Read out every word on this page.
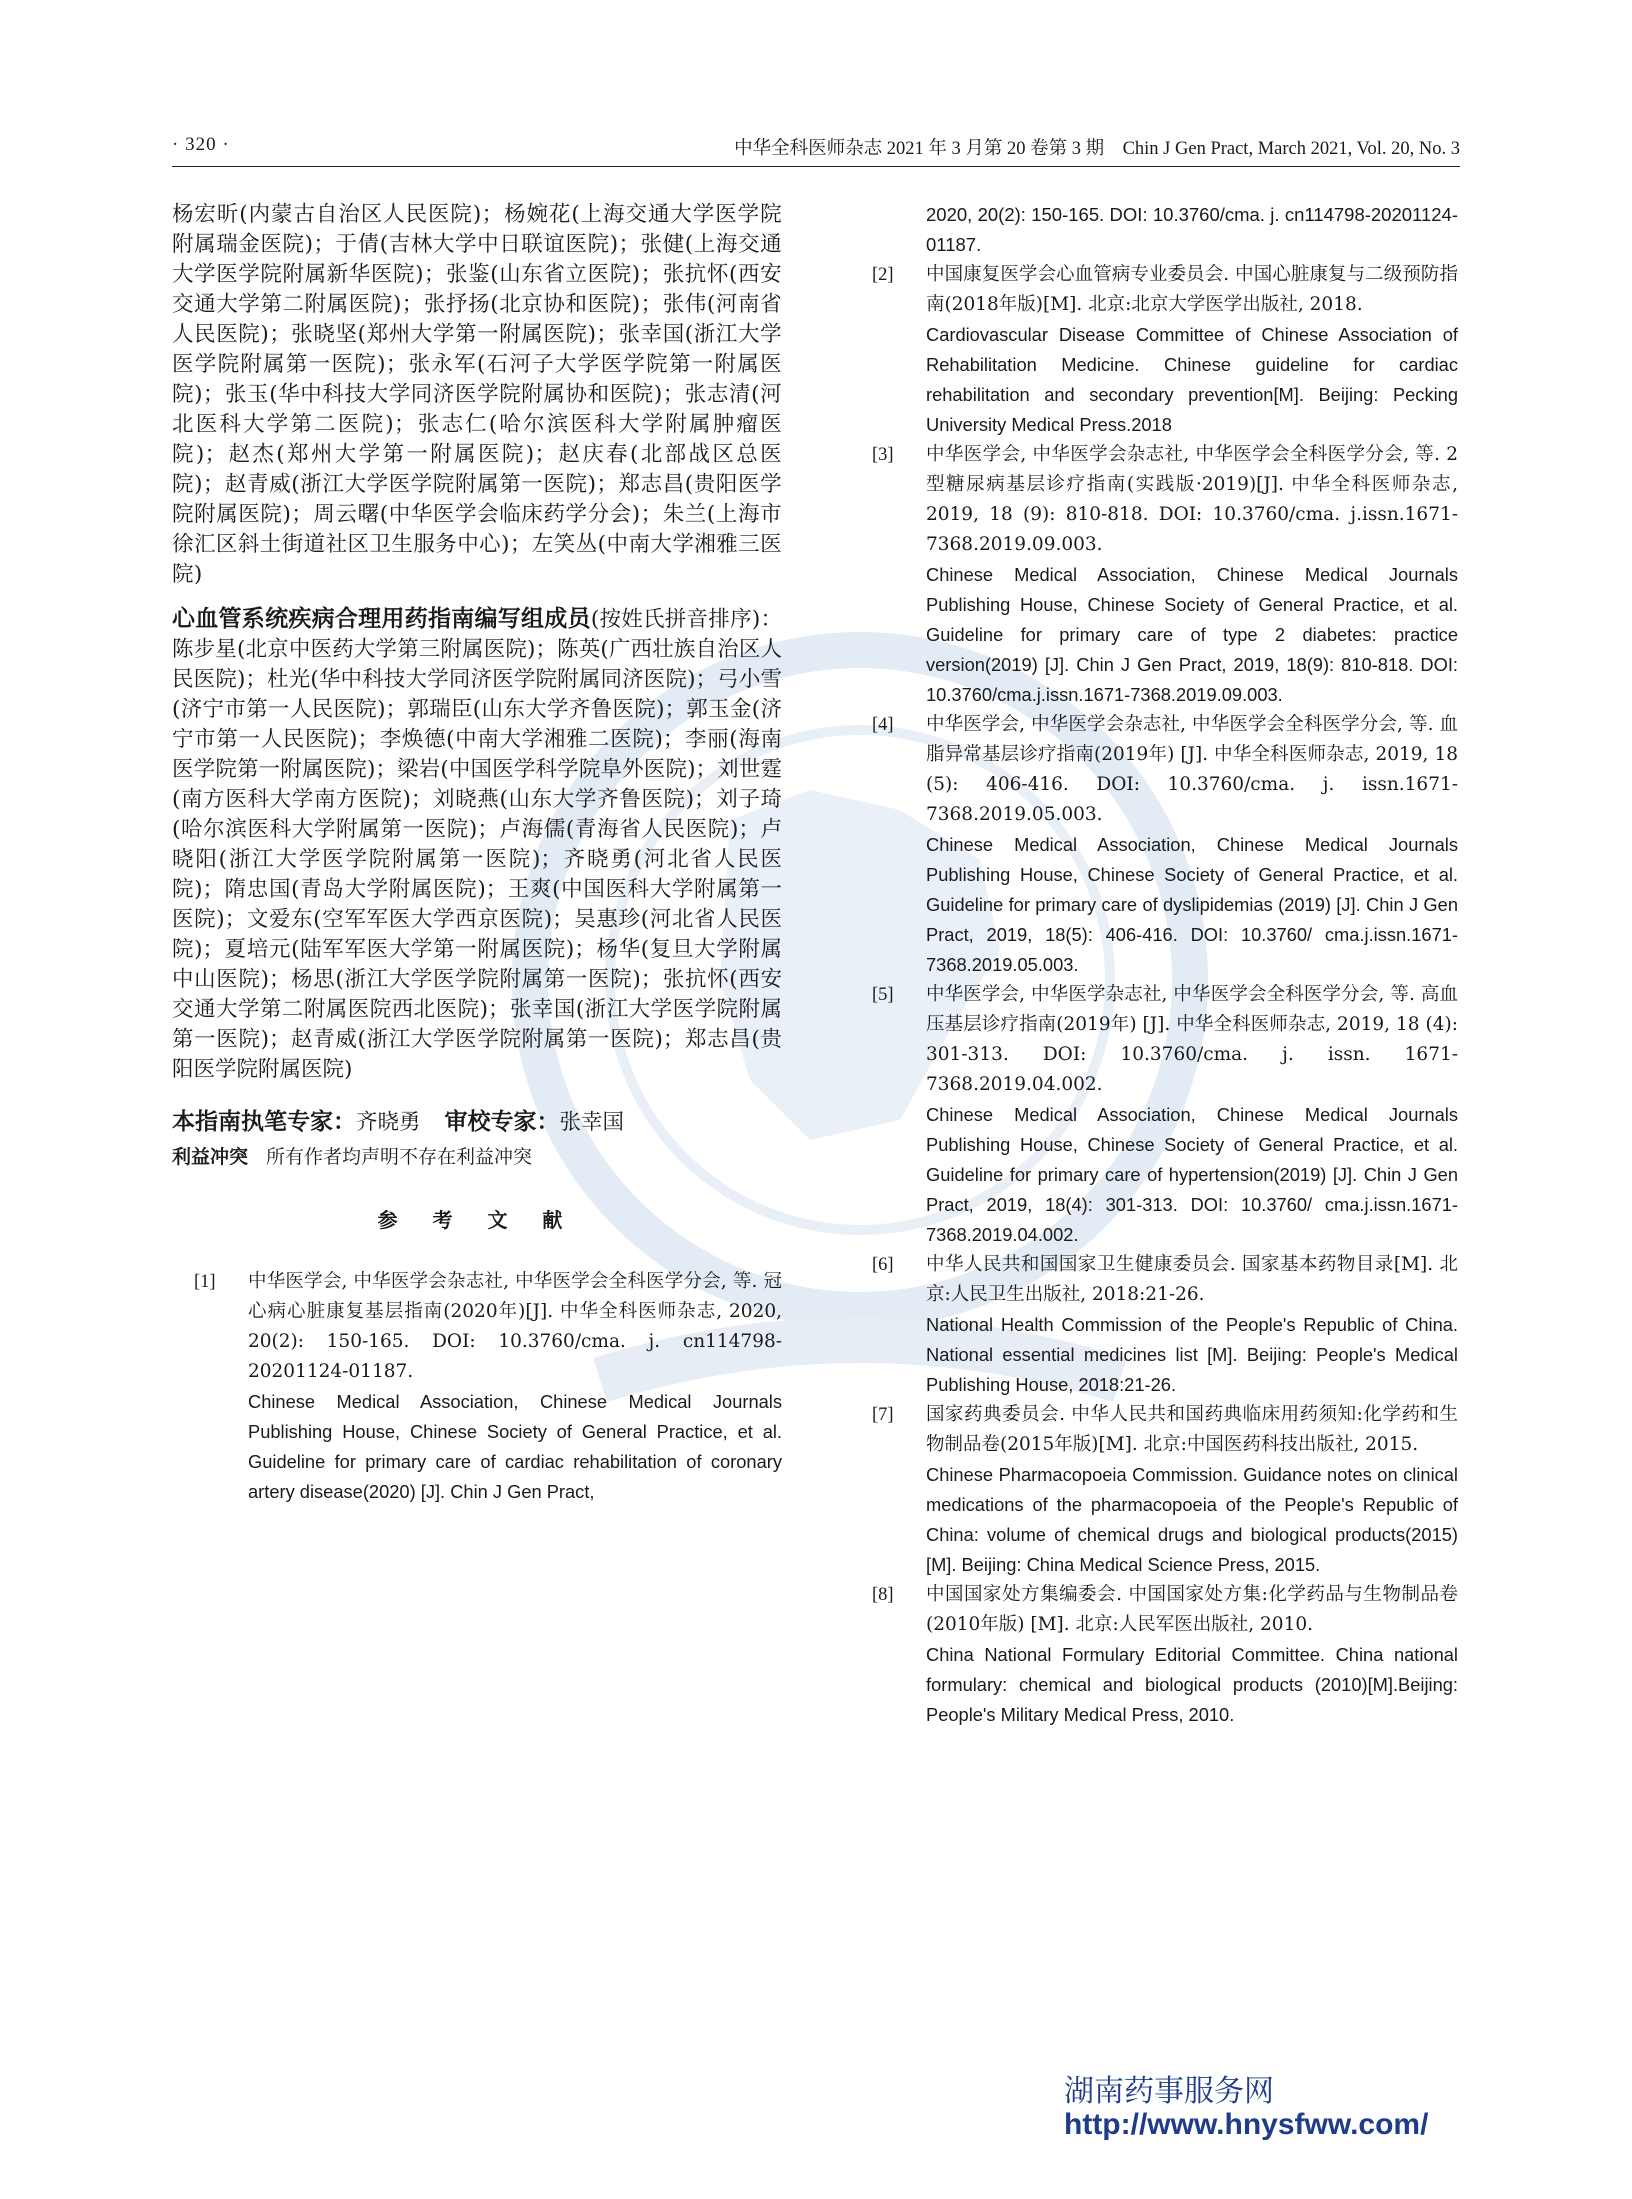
· 320 ·	中华全科医师杂志 2021 年 3 月第 20 卷第 3 期　Chin J Gen Pract, March 2021, Vol. 20, No. 3

杨宏昕(内蒙古自治区人民医院)；杨婉花(上海交通大学医学院附属瑞金医院)；于倩(吉林大学中日联谊医院)；张健(上海交通大学医学院附属新华医院)；张鉴(山东省立医院)；张抗怀(西安交通大学第二附属医院)；张抒扬(北京协和医院)；张伟(河南省人民医院)；张晓坚(郑州大学第一附属医院)；张幸国(浙江大学医学院附属第一医院)；张永军(石河子大学医学院第一附属医院)；张玉(华中科技大学同济医学院附属协和医院)；张志清(河北医科大学第二医院)；张志仁(哈尔滨医科大学附属肿瘤医院)；赵杰(郑州大学第一附属医院)；赵庆春(北部战区总医院)；赵青威(浙江大学医学院附属第一医院)；郑志昌(贵阳医学院附属医院)；周云曙(中华医学会临床药学分会)；朱兰(上海市徐汇区斜土街道社区卫生服务中心)；左笑丛(中南大学湘雅三医院)

心血管系统疾病合理用药指南编写组成员(按姓氏拼音排序)：陈步星(北京中医药大学第三附属医院)；陈英(广西壮族自治区人民医院)；杜光(华中科技大学同济医学院附属同济医院)；弓小雪(济宁市第一人民医院)；郭瑞臣(山东大学齐鲁医院)；郭玉金(济宁市第一人民医院)；李焕德(中南大学湘雅二医院)；李丽(海南医学院第一附属医院)；梁岩(中国医学科学院阜外医院)；刘世霆(南方医科大学南方医院)；刘晓燕(山东大学齐鲁医院)；刘子琦(哈尔滨医科大学附属第一医院)；卢海儒(青海省人民医院)；卢晓阳(浙江大学医学院附属第一医院)；齐晓勇(河北省人民医院)；隋忠国(青岛大学附属医院)；王爽(中国医科大学附属第一医院)；文爱东(空军军医大学西京医院)；吴惠珍(河北省人民医院)；夏培元(陆军军医大学第一附属医院)；杨华(复旦大学附属中山医院)；杨思(浙江大学医学院附属第一医院)；张抗怀(西安交通大学第二附属医院西北医院)；张幸国(浙江大学医学院附属第一医院)；赵青威(浙江大学医学院附属第一医院)；郑志昌(贵阳医学院附属医院)

本指南执笔专家：齐晓勇 审校专家：张幸国
利益冲突 所有作者均声明不存在利益冲突
参 考 文 献
[1]	中华医学会, 中华医学会杂志社, 中华医学会全科医学分会, 等. 冠心病心脏康复基层指南(2020年)[J]. 中华全科医师杂志, 2020, 20(2): 150-165. DOI: 10.3760/cma. j. cn114798-20201124-01187.
Chinese Medical Association, Chinese Medical Journals Publishing House, Chinese Society of General Practice, et al. Guideline for primary care of cardiac rehabilitation of coronary artery disease(2020) [J]. Chin J Gen Pract,
2020, 20(2): 150-165. DOI: 10.3760/cma. j. cn114798-20201124-01187.
[2]	中国康复医学会心血管病专业委员会. 中国心脏康复与二级预防指南(2018年版)[M]. 北京:北京大学医学出版社, 2018.
Cardiovascular Disease Committee of Chinese Association of Rehabilitation Medicine. Chinese guideline for cardiac rehabilitation and secondary prevention[M]. Beijing: Pecking University Medical Press.2018
[3]	中华医学会, 中华医学会杂志社, 中华医学会全科医学分会, 等. 2型糖尿病基层诊疗指南(实践版·2019)[J]. 中华全科医师杂志, 2019, 18 (9): 810-818. DOI: 10.3760/cma. j.issn.1671-7368.2019.09.003.
Chinese Medical Association, Chinese Medical Journals Publishing House, Chinese Society of General Practice, et al. Guideline for primary care of type 2 diabetes: practice version(2019) [J]. Chin J Gen Pract, 2019, 18(9): 810-818. DOI: 10.3760/cma.j.issn.1671-7368.2019.09.003.
[4]	中华医学会, 中华医学会杂志社, 中华医学会全科医学分会, 等. 血脂异常基层诊疗指南(2019年) [J]. 中华全科医师杂志, 2019, 18 (5): 406-416. DOI: 10.3760/cma. j. issn.1671-7368.2019.05.003.
Chinese Medical Association, Chinese Medical Journals Publishing House, Chinese Society of General Practice, et al. Guideline for primary care of dyslipidemias (2019) [J]. Chin J Gen Pract, 2019, 18(5): 406-416. DOI: 10.3760/ cma.j.issn.1671-7368.2019.05.003.
[5]	中华医学会, 中华医学杂志社, 中华医学会全科医学分会, 等. 高血压基层诊疗指南(2019年) [J]. 中华全科医师杂志, 2019, 18 (4): 301-313. DOI: 10.3760/cma. j. issn. 1671-7368.2019.04.002.
Chinese Medical Association, Chinese Medical Journals Publishing House, Chinese Society of General Practice, et al. Guideline for primary care of hypertension(2019) [J]. Chin J Gen Pract, 2019, 18(4): 301-313. DOI: 10.3760/ cma.j.issn.1671-7368.2019.04.002.
[6]	中华人民共和国国家卫生健康委员会. 国家基本药物目录[M]. 北京:人民卫生出版社, 2018:21-26.
National Health Commission of the People's Republic of China. National essential medicines list [M]. Beijing: People's Medical Publishing House, 2018:21-26.
[7]	国家药典委员会. 中华人民共和国药典临床用药须知:化学药和生物制品卷(2015年版)[M]. 北京:中国医药科技出版社, 2015.
Chinese Pharmacopoeia Commission. Guidance notes on clinical medications of the pharmacopoeia of the People's Republic of China: volume of chemical drugs and biological products(2015) [M]. Beijing: China Medical Science Press, 2015.
[8]	中国国家处方集编委会. 中国国家处方集:化学药品与生物制品卷(2010年版) [M]. 北京:人民军医出版社, 2010.
China National Formulary Editorial Committee. China national formulary: chemical and biological products (2010)[M].Beijing: People's Military Medical Press, 2010.
湖南药事服务网
http://www.hnysfww.com/
